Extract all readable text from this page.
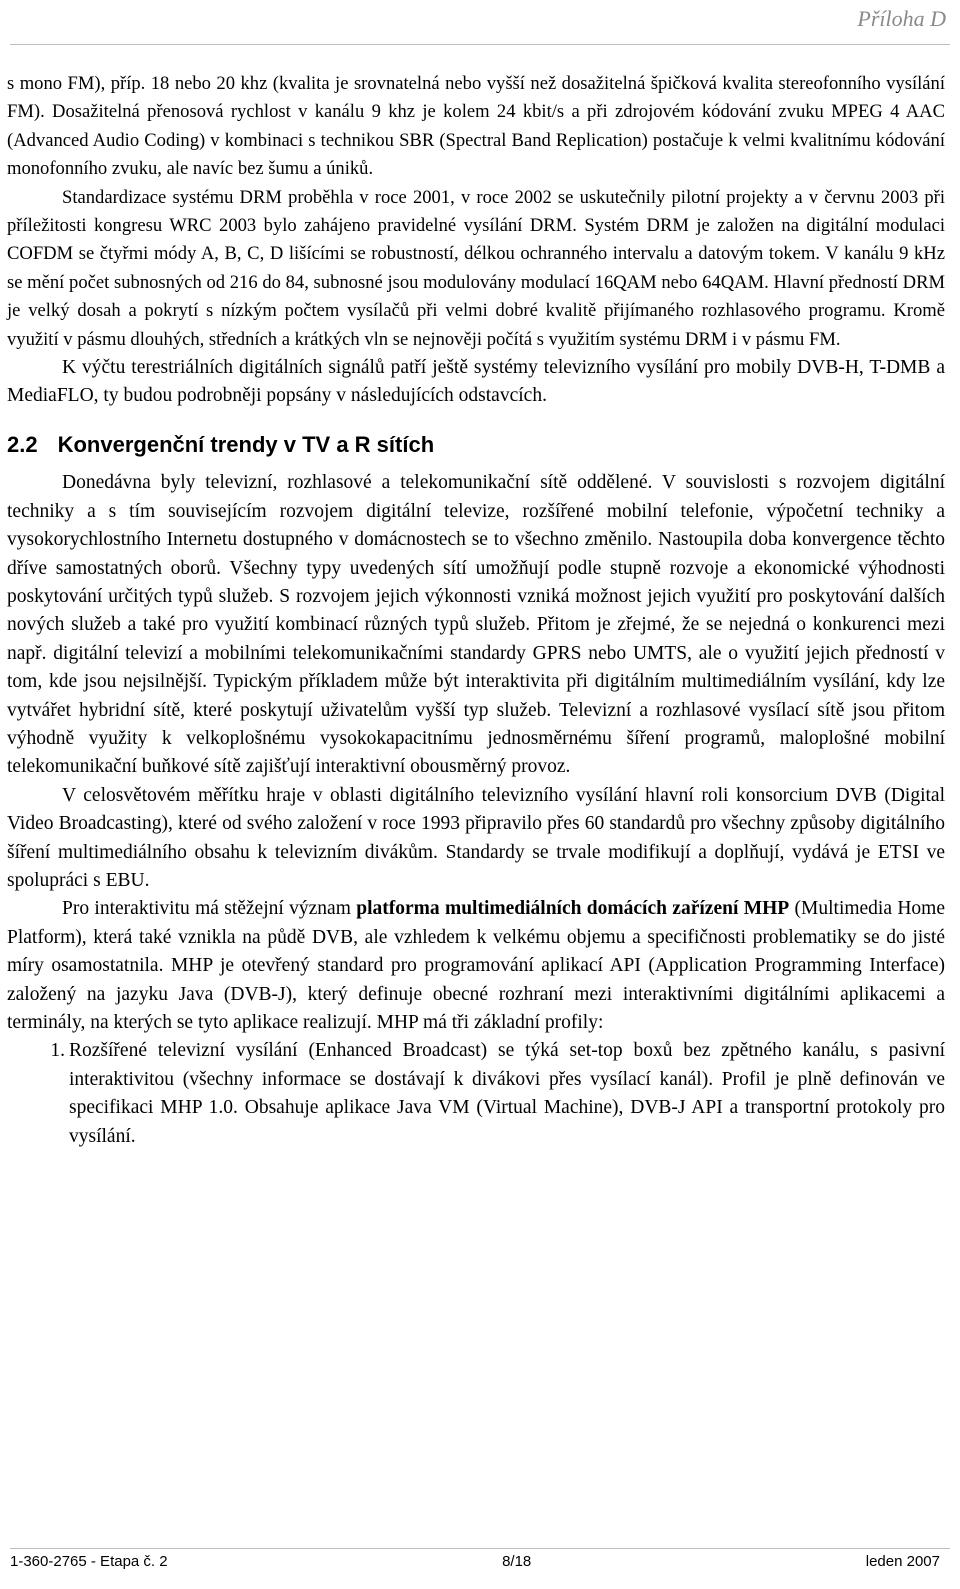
Příloha D

s mono FM), příp. 18 nebo 20 khz (kvalita je srovnatelná nebo vyšší než dosažitelná špičková kvalita stereofonního vysílání FM). Dosažitelná přenosová rychlost v kanálu 9 khz je kolem 24 kbit/s a při zdrojovém kódování zvuku MPEG 4 AAC (Advanced Audio Coding) v kombinaci s technikou SBR (Spectral Band Replication) postačuje k velmi kvalitnímu kódování monofonního zvuku, ale navíc bez šumu a úniků.

Standardizace systému DRM proběhla v roce 2001, v roce 2002 se uskutečnily pilotní projekty a v červnu 2003 při příležitosti kongresu WRC 2003 bylo zahájeno pravidelné vysílání DRM. Systém DRM je založen na digitální modulaci COFDM se čtyřmi módy A, B, C, D lišícími se robustností, délkou ochranného intervalu a datovým tokem. V kanálu 9 kHz se mění počet subnosných od 216 do 84, subnosné jsou modulovány modulací 16QAM nebo 64QAM. Hlavní předností DRM je velký dosah a pokrytí s nízkým počtem vysílačů při velmi dobré kvalitě přijímaného rozhlasového programu. Kromě využití v pásmu dlouhých, středních a krátkých vln se nejnověji počítá s využitím systému DRM i v pásmu FM.

K výčtu terestriálních digitálních signálů patří ještě systémy televizního vysílání pro mobily DVB-H, T-DMB a MediaFLO, ty budou podrobněji popsány v následujících odstavcích.

2.2 Konvergenční trendy v TV a R sítích

Donedávna byly televizní, rozhlasové a telekomunikační sítě oddělené. V souvislosti s rozvojem digitální techniky a s tím souvisejícím rozvojem digitální televize, rozšířené mobilní telefonie, výpočetní techniky a vysokorychlostního Internetu dostupného v domácnostech se to všechno změnilo. Nastoupila doba konvergence těchto dříve samostatných oborů. Všechny typy uvedených sítí umožňují podle stupně rozvoje a ekonomické výhodnosti poskytování určitých typů služeb. S rozvojem jejich výkonnosti vzniká možnost jejich využití pro poskytování dalších nových služeb a také pro využití kombinací různých typů služeb. Přitom je zřejmé, že se nejedná o konkurenci mezi např. digitální televizí a mobilními telekomunikačními standardy GPRS nebo UMTS, ale o využití jejich předností v tom, kde jsou nejsilnější. Typickým příkladem může být interaktivita při digitálním multimediálním vysílání, kdy lze vytvářet hybridní sítě, které poskytují uživatelům vyšší typ služeb. Televizní a rozhlasové vysílací sítě jsou přitom výhodně využity k velkoplošnému vysokokapacitnímu jednosměrnému šíření programů, maloplošné mobilní telekomunikační buňkové sítě zajišťují interaktivní obousměrný provoz.

V celosvětovém měřítku hraje v oblasti digitálního televizního vysílání hlavní roli konsorcium DVB (Digital Video Broadcasting), které od svého založení v roce 1993 připravilo přes 60 standardů pro všechny způsoby digitálního šíření multimediálního obsahu k televizním divákům. Standardy se trvale modifikují a doplňují, vydává je ETSI ve spolupráci s EBU.

Pro interaktivitu má stěžejní význam platforma multimediálních domácích zařízení MHP (Multimedia Home Platform), která také vznikla na půdě DVB, ale vzhledem k velkému objemu a specifičnosti problematiky se do jisté míry osamostatnila. MHP je otevřený standard pro programování aplikací API (Application Programming Interface) založený na jazyku Java (DVB-J), který definuje obecné rozhraní mezi interaktivními digitálními aplikacemi a terminály, na kterých se tyto aplikace realizují. MHP má tři základní profily:

1. Rozšířené televizní vysílání (Enhanced Broadcast) se týká set-top boxů bez zpětného kanálu, s pasivní interaktivitou (všechny informace se dostávají k divákovi přes vysílací kanál). Profil je plně definován ve specifikaci MHP 1.0. Obsahuje aplikace Java VM (Virtual Machine), DVB-J API a transportní protokoly pro vysílání.
1-360-2765 - Etapa č. 2	8/18	leden 2007
